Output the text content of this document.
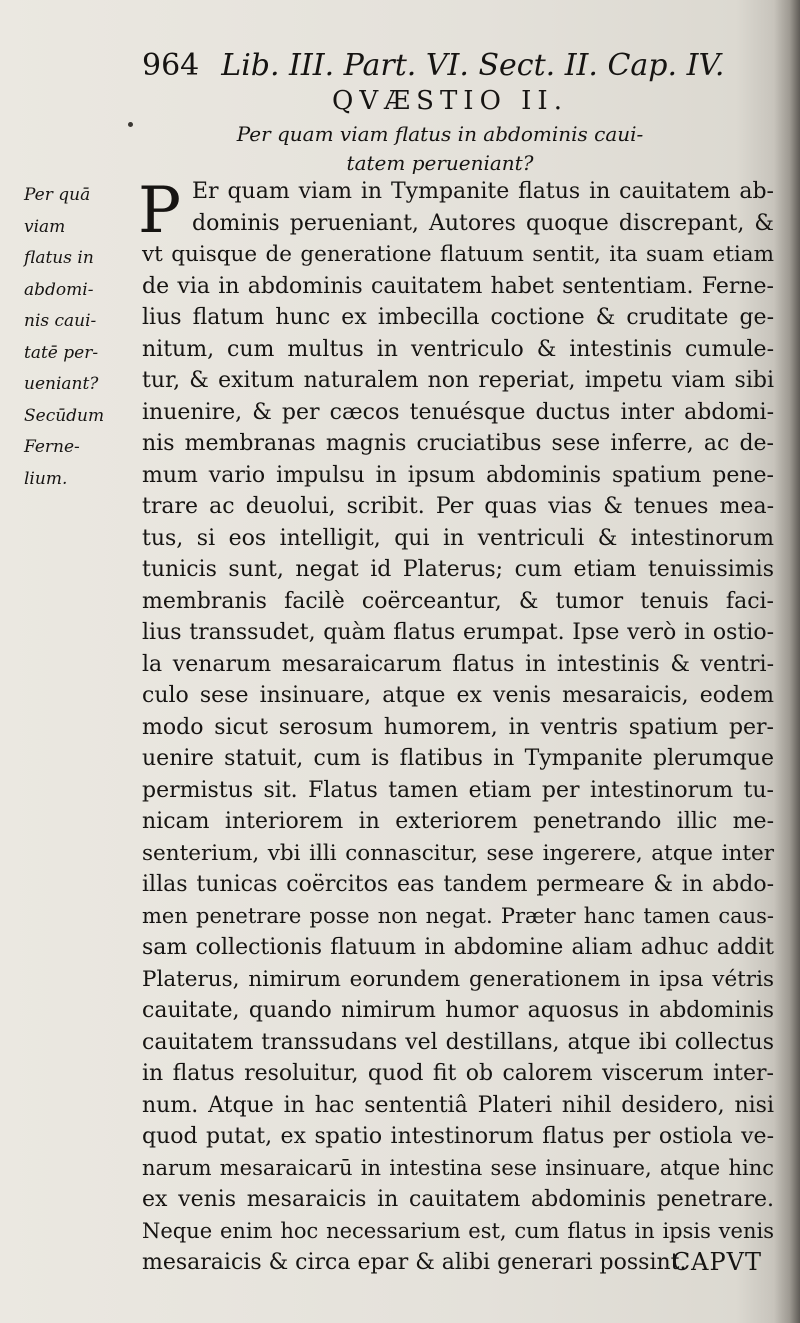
964 Lib. III. Part. VI. Sect. II. Cap. IV.
QVÆSTIO II.
Per quam viam flatus in abdominis caui-
tatem perueniant?
Per quā
viam
flatus in
abdomi-
nis caui-
tatē per-
ueniant?
Secūdum
Ferne-
lium.
P Er quam viam in Tympanite flatus in cauitatem ab-
dominis perueniant, Autores quoque discrepant, &
vt quisque de generatione flatuum sentit, ita suam etiam
de via in abdominis cauitatem habet sententiam. Ferne-
lius flatum hunc ex imbecilla coctione & cruditate ge-
nitum, cum multus in ventriculo & intestinis cumule-
tur, & exitum naturalem non reperiat, impetu viam sibi
inuenire, & per cæcos tenuésque ductus inter abdomi-
nis membranas magnis cruciatibus sese inferre, ac de-
mum vario impulsu in ipsum abdominis spatium pene-
trare ac deuolui, scribit. Per quas vias & tenues mea-
tus, si eos intelligit, qui in ventriculi & intestinorum
tunicis sunt, negat id Platerus; cum etiam tenuissimis
membranis facilè coërceantur, & tumor tenuis faci-
lius transsudet, quàm flatus erumpat. Ipse verò in ostio-
la venarum mesaraicarum flatus in intestinis & ventri-
culo sese insinuare, atque ex venis mesaraicis, eodem
modo sicut serosum humorem, in ventris spatium per-
uenire statuit, cum is flatibus in Tympanite plerumque
permistus sit. Flatus tamen etiam per intestinorum tu-
nicam interiorem in exteriorem penetrando illic me-
senterium, vbi illi connascitur, sese ingerere, atque inter
illas tunicas coërcitos eas tandem permeare & in abdo-
men penetrare posse non negat. Præter hanc tamen caus-
sam collectionis flatuum in abdomine aliam adhuc addit
Platerus, nimirum eorundem generationem in ipsa vétris
cauitate, quando nimirum humor aquosus in abdominis
cauitatem transsudans vel destillans, atque ibi collectus
in flatus resoluitur, quod fit ob calorem viscerum inter-
num. Atque in hac sententiâ Plateri nihil desidero, nisi
quod putat, ex spatio intestinorum flatus per ostiola ve-
narum mesaraicarū in intestina sese insinuare, atque hinc
ex venis mesaraicis in cauitatem abdominis penetrare.
Neque enim hoc necessarium est, cum flatus in ipsis venis
mesaraicis & circa epar & alibi generari possint.
CAPVT
